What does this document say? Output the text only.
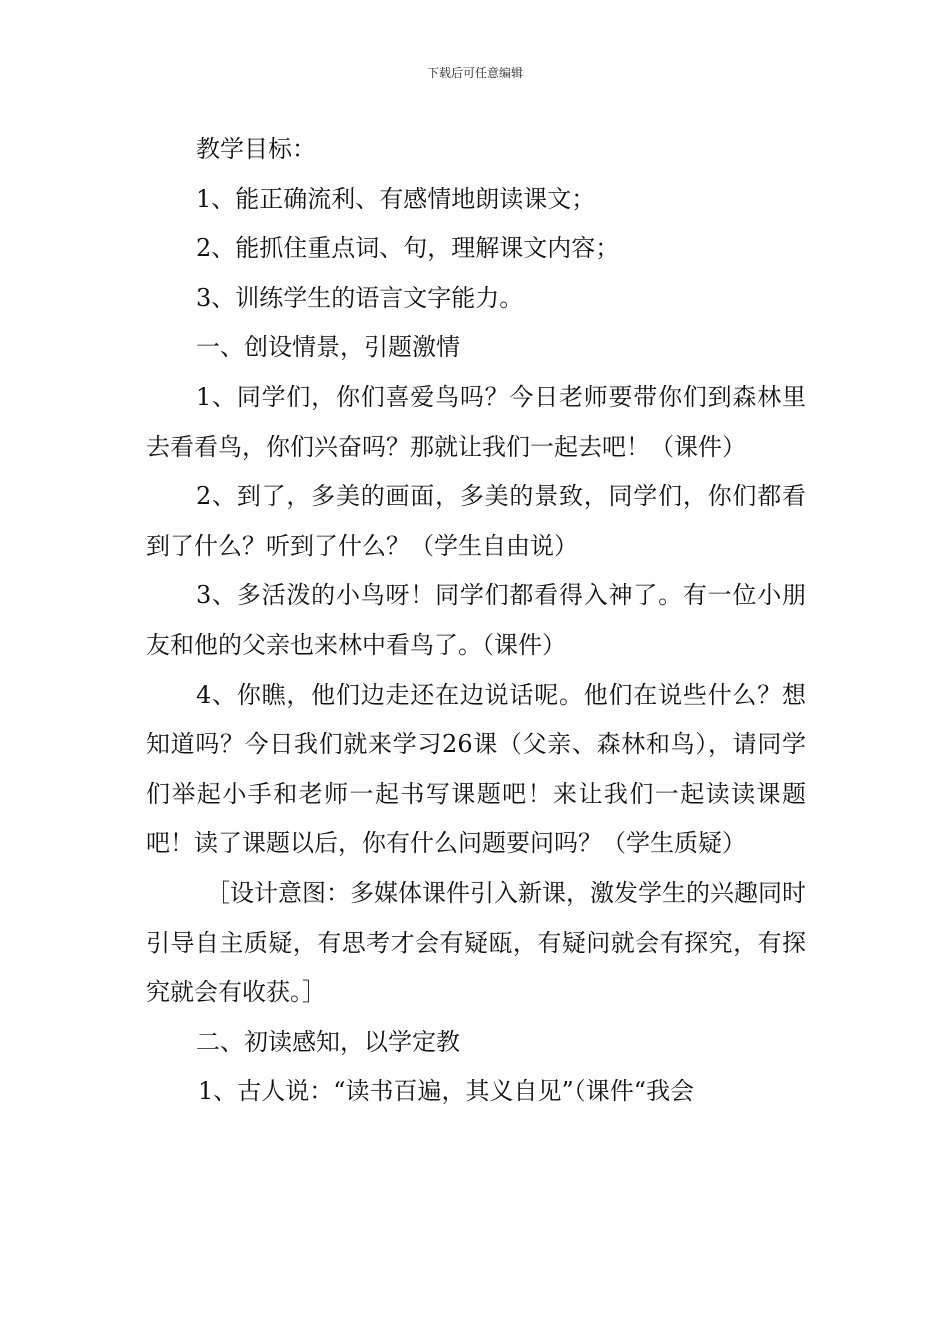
下载后可任意编辑

教学目标：

1、能正确流利、有感情地朗读课文；

2、能抓住重点词、句，理解课文内容；

3、训练学生的语言文字能力。

一、创设情景，引题激情

1、同学们，你们喜爱鸟吗？今日老师要带你们到森林里去看看鸟，你们兴奋吗？那就让我们一起去吧！（课件）

2、到了，多美的画面，多美的景致，同学们，你们都看到了什么？听到了什么？（学生自由说）

3、多活泼的小鸟呀！同学们都看得入神了。有一位小朋友和他的父亲也来林中看鸟了。（课件）

4、你瞧，他们边走还在边说话呢。他们在说些什么？想知道吗？今日我们就来学习26课（父亲、森林和鸟），请同学们举起小手和老师一起书写课题吧！来让我们一起读读课题吧！读了课题以后，你有什么问题要问吗？（学生质疑）

［设计意图：多媒体课件引入新课，激发学生的兴趣同时引导自主质疑，有思考才会有疑瓯，有疑问就会有探究，有探究就会有收获。］

二、初读感知，以学定教

1、古人说：“读书百遍，其义自见”（课件“我会
